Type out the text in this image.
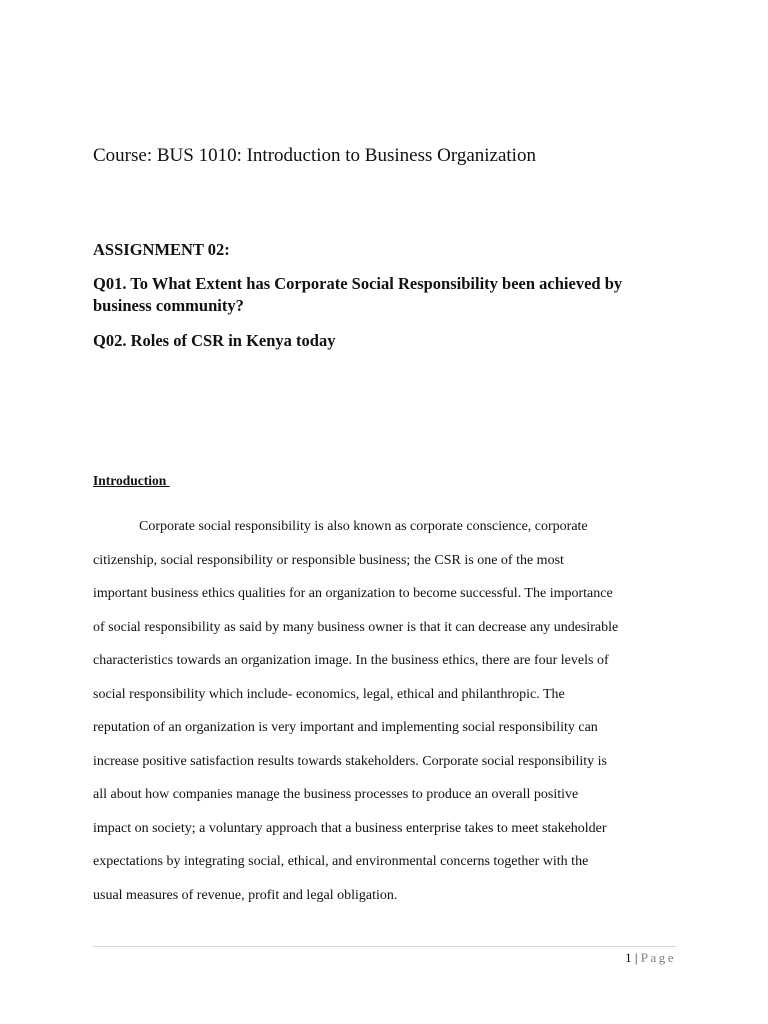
Course: BUS 1010: Introduction to Business Organization
ASSIGNMENT 02:
Q01. To What Extent has Corporate Social Responsibility been achieved by business community?
Q02. Roles of CSR in Kenya today
Introduction
Corporate social responsibility is also known as corporate conscience, corporate
citizenship, social responsibility or responsible business; the CSR is one of the most
important business ethics qualities for an organization to become successful. The importance
of social responsibility as said by many business owner is that it can decrease any undesirable
characteristics towards an organization image. In the business ethics, there are four levels of
social responsibility which include- economics, legal, ethical and philanthropic. The
reputation of an organization is very important and implementing social responsibility can
increase positive satisfaction results towards stakeholders. Corporate social responsibility is
all about how companies manage the business processes to produce an overall positive
impact on society; a voluntary approach that a business enterprise takes to meet stakeholder
expectations by integrating social, ethical, and environmental concerns together with the
usual measures of revenue, profit and legal obligation.
1 | Page
